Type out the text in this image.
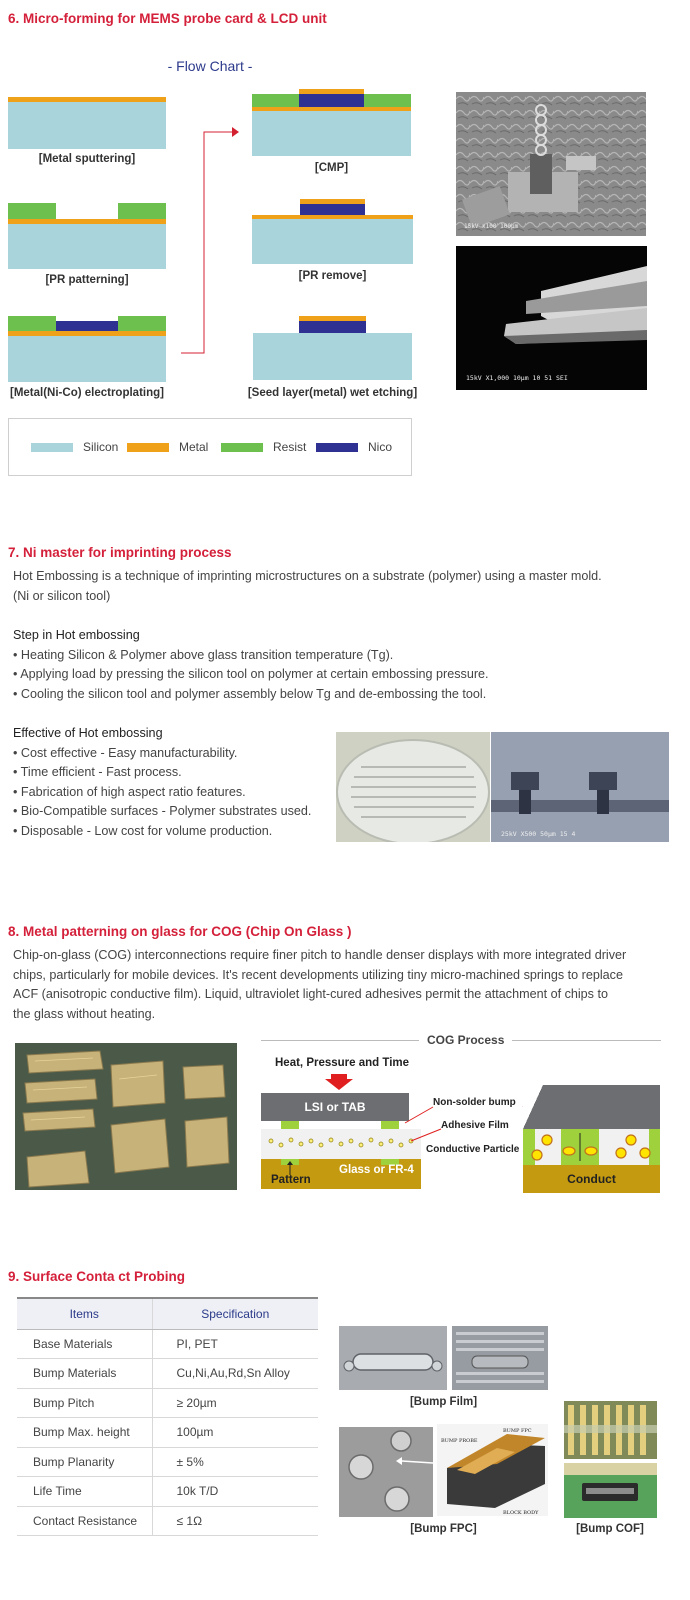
6. Micro-forming for MEMS probe card & LCD unit
- Flow Chart -
[Metal sputtering]
[PR patterning]
[Metal(Ni-Co) electroplating]
[CMP]
[PR remove]
[Seed layer(metal) wet etching]
15kV x100 100µm
15kV X1,000 10µm 10 51 SEI
Silicon	Metal	Resist	Nico
7. Ni master for imprinting process
Hot Embossing is a technique of imprinting microstructures on a substrate (polymer) using a master mold.
(Ni or silicon tool)
Step in Hot embossing
• Heating Silicon & Polymer above glass transition temperature (Tg).
• Applying load by pressing the silicon tool on polymer at certain embossing pressure.
• Cooling the silicon tool and polymer assembly below Tg and de-embossing the tool.
Effective of Hot embossing
• Cost effective - Easy manufacturability.
• Time efficient - Fast process.
• Fabrication of high aspect ratio features.
• Bio-Compatible surfaces - Polymer substrates used.
• Disposable - Low cost for volume production.	25kV X500 50µm 15 4
8. Metal patterning on glass for COG (Chip On Glass )
Chip-on-glass (COG) interconnections require finer pitch to handle denser displays with more integrated driver
chips, particularly for mobile devices. It's recent developments utilizing tiny micro-machined springs to replace
ACF (anisotropic conductive film). Liquid, ultraviolet light-cured adhesives permit the attachment of chips to
the glass without heating.
COG Process
Heat, Pressure and Time
LSI or TAB
Glass or FR-4
Pattern
Non-solder bump
Adhesive Film
Conductive Particle
Conduct
9. Surface Conta ct Probing
Items	Specification
Base Materials	PI, PET
Bump Materials	Cu,Ni,Au,Rd,Sn Alloy
Bump Pitch	≥ 20µm
Bump Max. height	100µm
Bump Planarity	± 5%
Life Time	10k T/D
Contact Resistance	≤ 1Ω
[Bump Film]
BUMP PROBE
BUMP FPC
BLOCK BODY
[Bump FPC]	[Bump COF]
